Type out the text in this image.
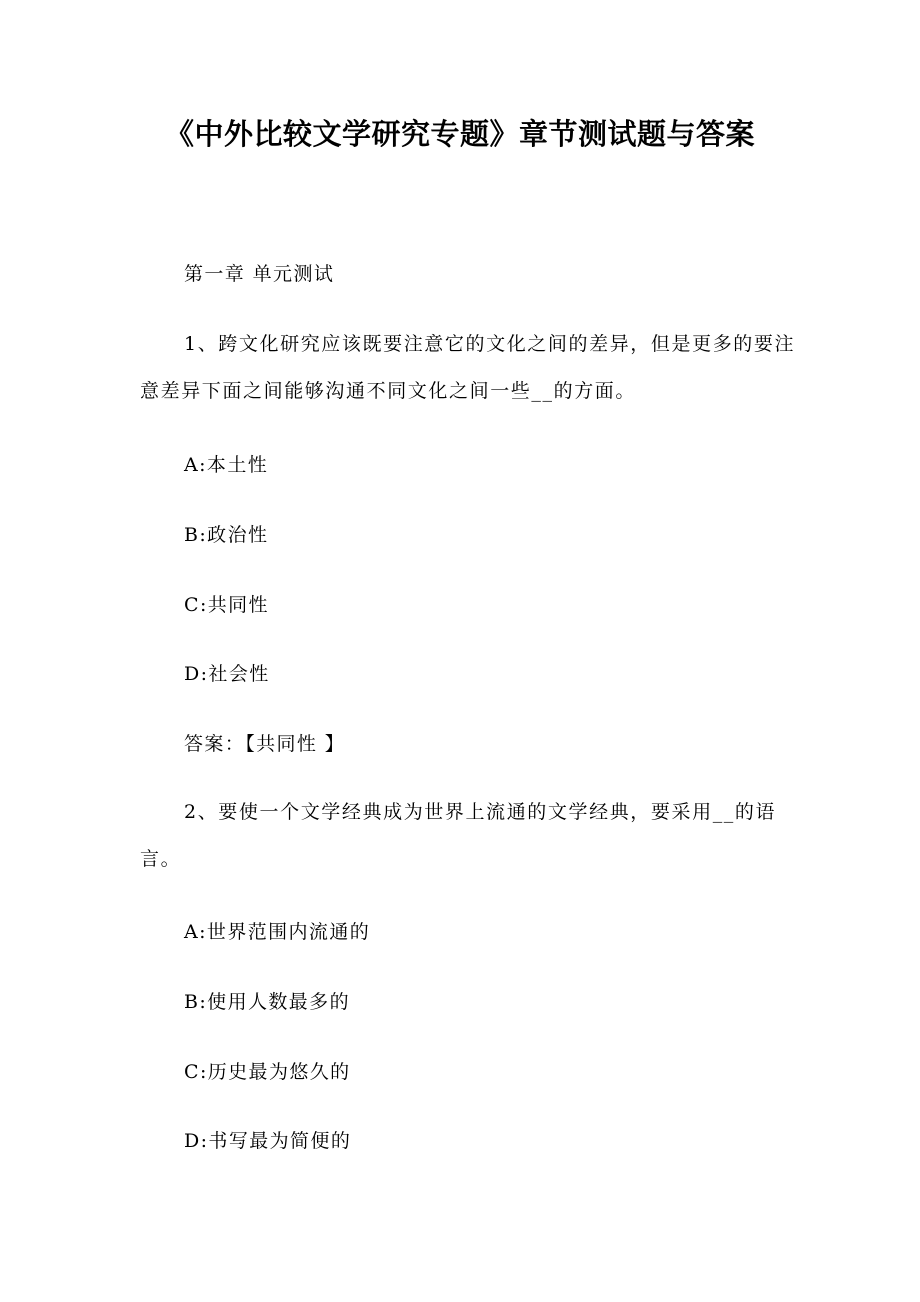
《中外比较文学研究专题》章节测试题与答案
第一章 单元测试
1、跨文化研究应该既要注意它的文化之间的差异，但是更多的要注意差异下面之间能够沟通不同文化之间一些__的方面。
A:本土性
B:政治性
C:共同性
D:社会性
答案：【共同性 】
2、要使一个文学经典成为世界上流通的文学经典，要采用__的语言。
A:世界范围内流通的
B:使用人数最多的
C:历史最为悠久的
D:书写最为简便的
